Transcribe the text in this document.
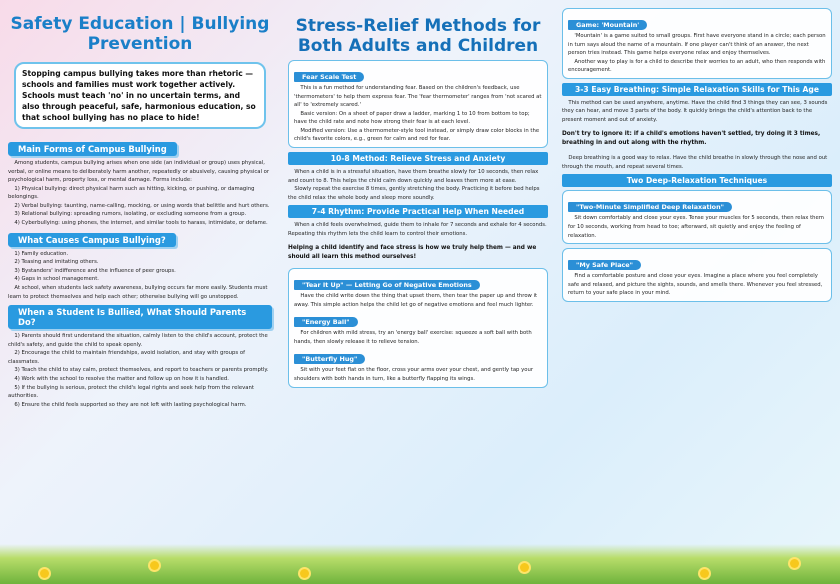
Safety Education | Bullying Prevention
Stopping campus bullying takes more than rhetoric — schools and families must work together actively. Schools must teach 'no' in no uncertain terms, and also through peaceful, safe, harmonious education, so that school bullying has no place to hide!
Main Forms of Campus Bullying

Among students, campus bullying arises when one side (an individual or group) uses physical, verbal, or online means to deliberately harm another, repeatedly or abusively, causing physical or psychological harm, property loss, or mental damage. Forms include:

1) Physical bullying: direct physical harm such as hitting, kicking, or pushing, or damaging belongings.

2) Verbal bullying: taunting, name-calling, mocking, or using words that belittle and hurt others.

3) Relational bullying: spreading rumors, isolating, or excluding someone from a group.

4) Cyberbullying: using phones, the internet, and similar tools to harass, intimidate, or defame.

What Causes Campus Bullying?

1) Family education.

2) Teasing and imitating others.

3) Bystanders' indifference and the influence of peer groups.

4) Gaps in school management.

At school, when students lack safety awareness, bullying occurs far more easily. Students must learn to protect themselves and help each other; otherwise bullying will go unstopped.

When a Student Is Bullied, What Should Parents Do?

1) Parents should first understand the situation, calmly listen to the child's account, protect the child's safety, and guide the child to speak openly.

2) Encourage the child to maintain friendships, avoid isolation, and stay with groups of classmates.

3) Teach the child to stay calm, protect themselves, and report to teachers or parents promptly.

4) Work with the school to resolve the matter and follow up on how it is handled.

5) If the bullying is serious, protect the child's legal rights and seek help from the relevant authorities.

6) Ensure the child feels supported so they are not left with lasting psychological harm.

Stress-Relief Methods for Both Adults and Children
Fear Scale Test

This is a fun method for understanding fear. Based on the children's feedback, use 'thermometers' to help them express fear. The 'fear thermometer' ranges from 'not scared at all' to 'extremely scared.'

Basic version: On a sheet of paper draw a ladder, marking 1 to 10 from bottom to top; have the child rate and note how strong their fear is at each level.

Modified version: Use a thermometer-style tool instead, or simply draw color blocks in the child's favorite colors, e.g., green for calm and red for fear.

10-8 Method: Relieve Stress and Anxiety

When a child is in a stressful situation, have them breathe slowly for 10 seconds, then relax and count to 8. This helps the child calm down quickly and leaves them more at ease.

Slowly repeat the exercise 8 times, gently stretching the body. Practicing it before bed helps the child relax the whole body and sleep more soundly.

7-4 Rhythm: Provide Practical Help When Needed

When a child feels overwhelmed, guide them to inhale for 7 seconds and exhale for 4 seconds. Repeating this rhythm lets the child learn to control their emotions.

Helping a child identify and face stress is how we truly help them — and we should all learn this method ourselves!

"Tear It Up" — Letting Go of Negative Emotions

Have the child write down the thing that upset them, then tear the paper up and throw it away. This simple action helps the child let go of negative emotions and feel much lighter.

"Energy Ball"

For children with mild stress, try an 'energy ball' exercise: squeeze a soft ball with both hands, then slowly release it to relieve tension.

"Butterfly Hug"

Sit with your feet flat on the floor, cross your arms over your chest, and gently tap your shoulders with both hands in turn, like a butterfly flapping its wings.

Game: 'Mountain'

'Mountain' is a game suited to small groups. First have everyone stand in a circle; each person in turn says aloud the name of a mountain. If one player can't think of an answer, the next person tries instead. This game helps everyone relax and enjoy themselves.

Another way to play is for a child to describe their worries to an adult, who then responds with encouragement.

3-3 Easy Breathing: Simple Relaxation Skills for This Age

This method can be used anywhere, anytime. Have the child find 3 things they can see, 3 sounds they can hear, and move 3 parts of the body. It quickly brings the child's attention back to the present moment and out of anxiety.

Don't try to ignore it: if a child's emotions haven't settled, try doing it 3 times, breathing in and out along with the rhythm.

Deep breathing is a good way to relax. Have the child breathe in slowly through the nose and out through the mouth, and repeat several times.

Two Deep-Relaxation Techniques
"Two-Minute Simplified Deep Relaxation"

Sit down comfortably and close your eyes. Tense your muscles for 5 seconds, then relax them for 10 seconds, working from head to toe; afterward, sit quietly and enjoy the feeling of relaxation.

"My Safe Place"

Find a comfortable posture and close your eyes. Imagine a place where you feel completely safe and relaxed, and picture the sights, sounds, and smells there. Whenever you feel stressed, return to your safe place in your mind.
